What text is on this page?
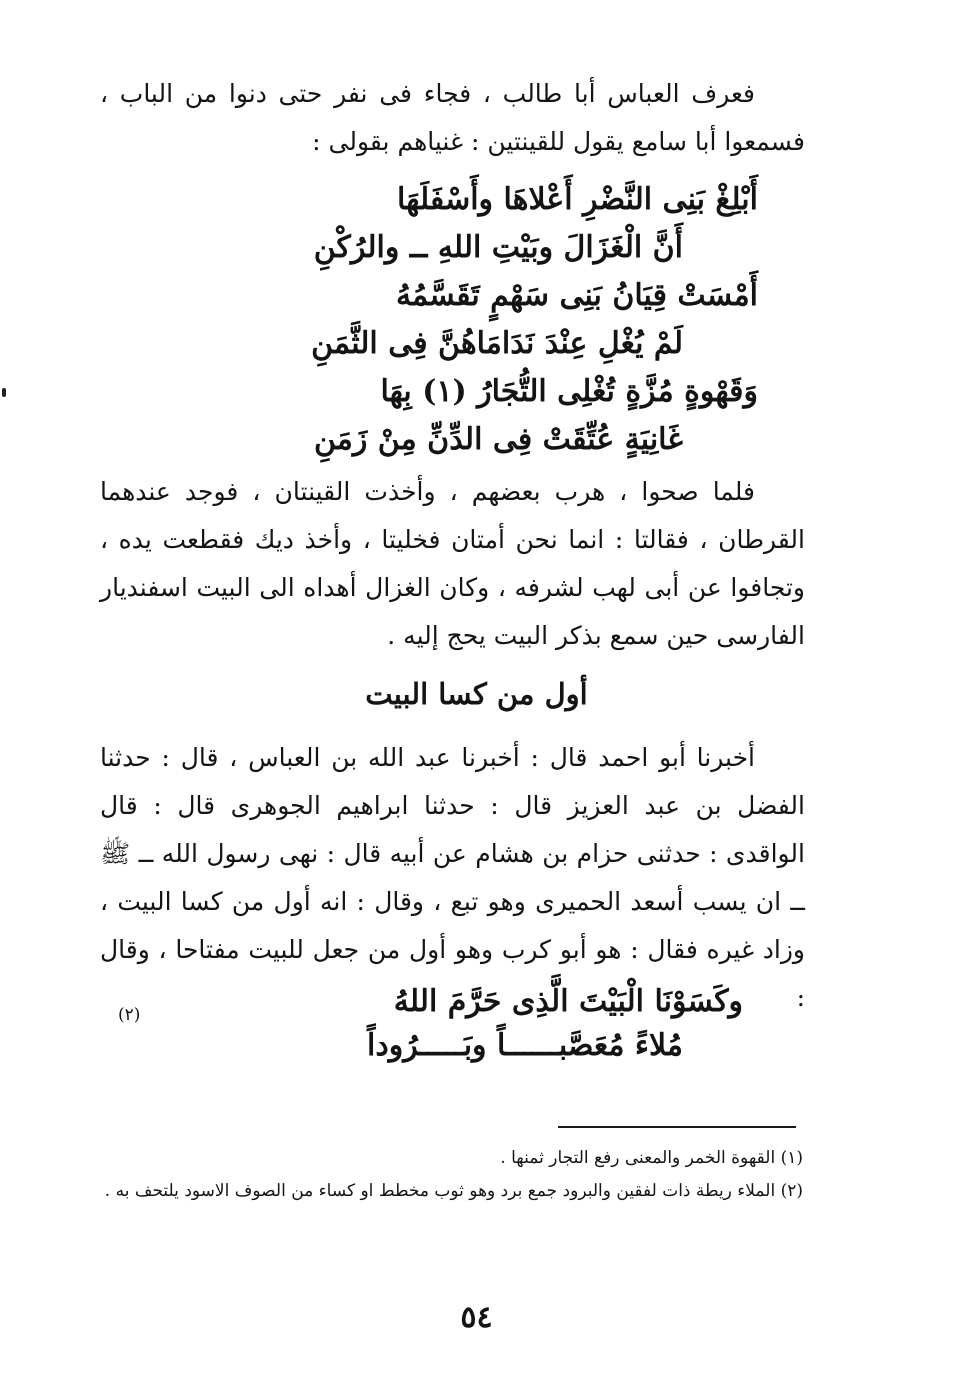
فعرف العباس أبا طالب ، فجاء فى نفر حتى دنوا من الباب ، فسمعوا أبا سامع يقول للقينتين : غنياهم بقولى :

أَبْلِغْ بَنِى النَّضْرِ أَعْلاهَا وأَسْفَلَهَا
أَنَّ الْغَزَالَ وبَيْتِ اللهِ ــ والرُكْنِ
أَمْسَتْ قِيَانُ بَنِى سَهْمٍ تَقَسَّمُهُ
لَمْ يُغْلِ عِنْدَ نَدَامَاهُنَّ فِى الثَّمَنِ
وَقَهْوةٍ مُزَّةٍ تُغْلِى التُّجَارُ (١) بِهَا
غَانِيَةٍ عُتِّقَتْ فِى الدِّنِّ مِنْ زَمَنِ

فلما صحوا ، هرب بعضهم ، وأخذت القينتان ، فوجد عندهما القرطان ، فقالتا : انما نحن أمتان فخليتا ، وأخذ ديك فقطعت يده ، وتجافوا عن أبى لهب لشرفه ، وكان الغزال أهداه الى البيت اسفنديار الفارسى حين سمع بذكر البيت يحج إليه .

أول من كسا البيت

أخبرنا أبو احمد قال : أخبرنا عبد الله بن العباس ، قال : حدثنا الفضل بن عبد العزيز قال : حدثنا ابراهيم الجوهرى قال : قال الواقدى : حدثنى حزام بن هشام عن أبيه قال : نهى رسول الله ــ ﷺ ــ ان يسب أسعد الحميرى وهو تبع ، وقال : انه أول من كسا البيت ، وزاد غيره فقال : هو أبو كرب وهو أول من جعل للبيت مفتاحا ، وقال :

وكَسَوْنَا الْبَيْتَ الَّذِى حَرَّمَ اللهُ
مُلاءً مُعَصَّبــــــاً وبَـــــرُوداً
(٢)
(١) القهوة الخمر والمعنى رفع التجار ثمنها .
(٢) الملاء ريطة ذات لفقين والبرود جمع برد وهو ثوب مخطط او كساء من الصوف الاسود يلتحف به .
٥٤
